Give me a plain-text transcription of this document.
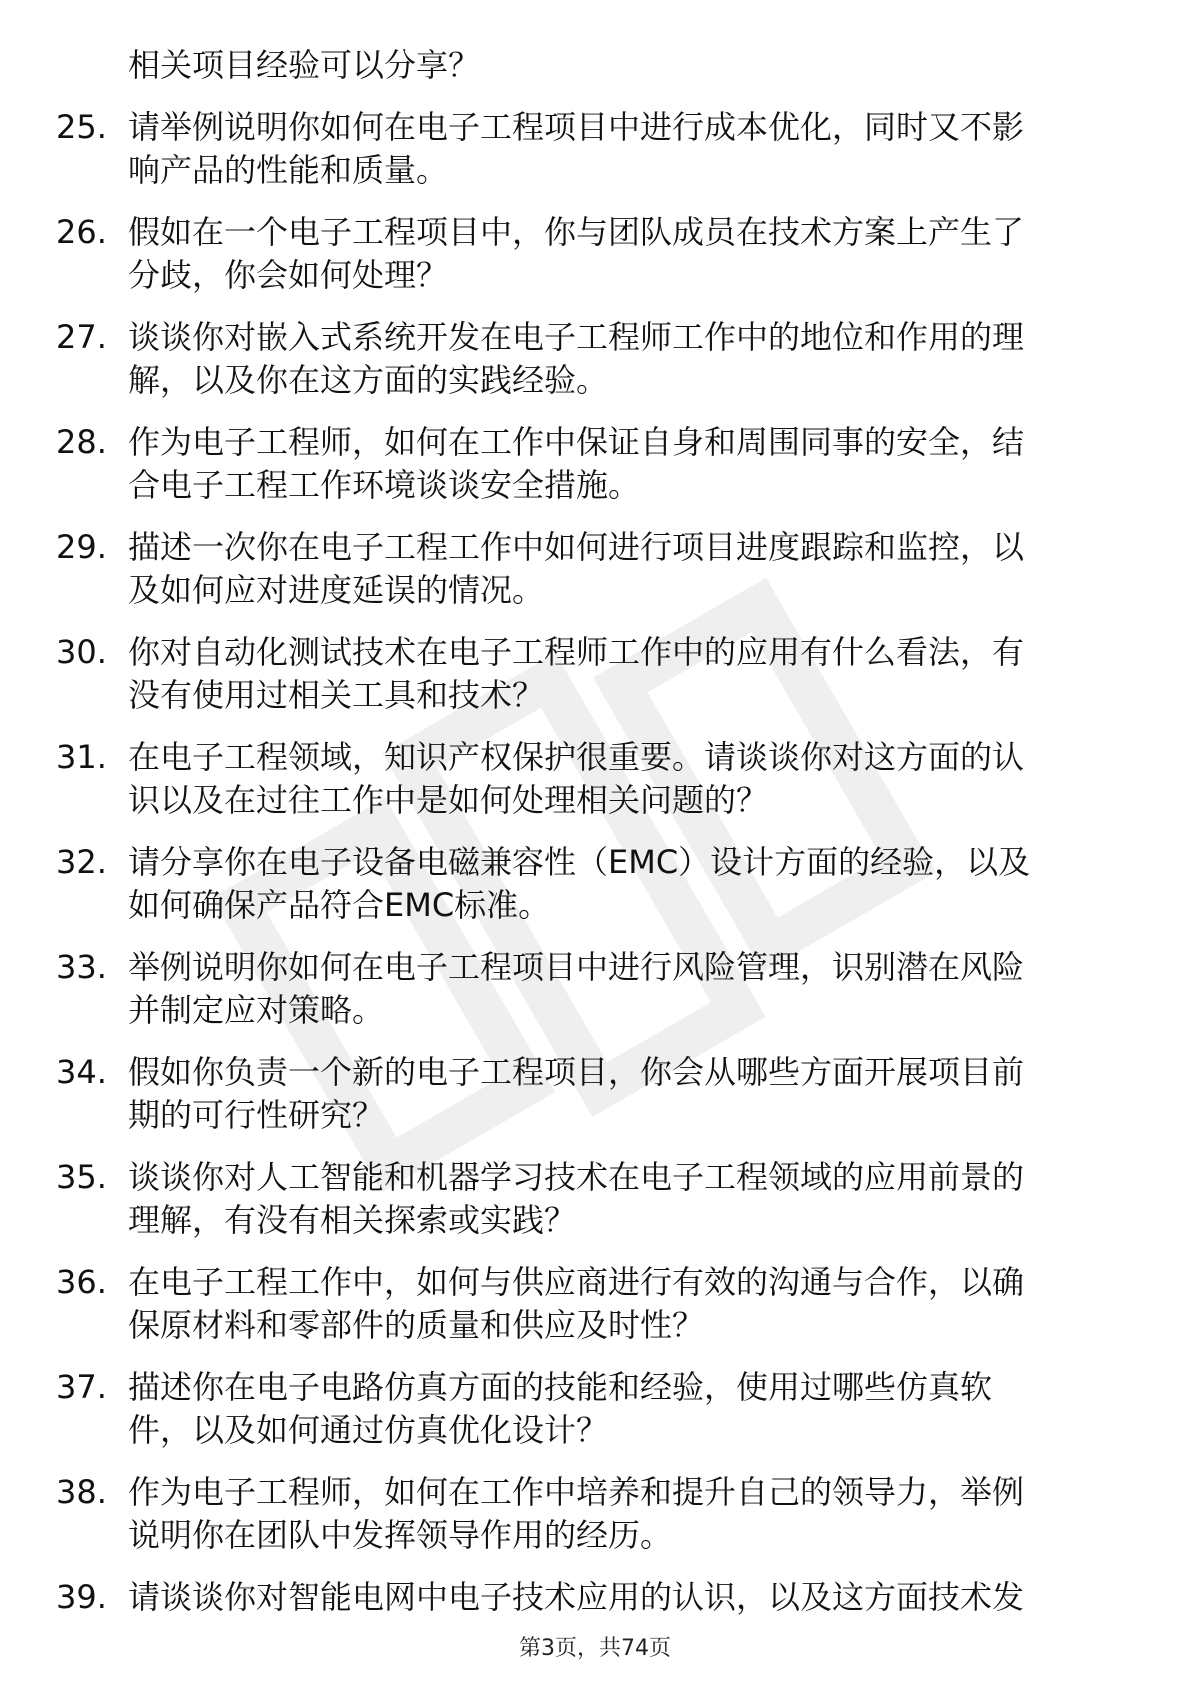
相关项目经验可以分享？
25. 请举例说明你如何在电子工程项目中进行成本优化，同时又不影
响产品的性能和质量。
26. 假如在一个电子工程项目中，你与团队成员在技术方案上产生了
分歧，你会如何处理？
27. 谈谈你对嵌入式系统开发在电子工程师工作中的地位和作用的理
解，以及你在这方面的实践经验。
28. 作为电子工程师，如何在工作中保证自身和周围同事的安全，结
合电子工程工作环境谈谈安全措施。
29. 描述一次你在电子工程工作中如何进行项目进度跟踪和监控，以
及如何应对进度延误的情况。
30. 你对自动化测试技术在电子工程师工作中的应用有什么看法，有
没有使用过相关工具和技术？
31. 在电子工程领域，知识产权保护很重要。请谈谈你对这方面的认
识以及在过往工作中是如何处理相关问题的？
32. 请分享你在电子设备电磁兼容性（EMC）设计方面的经验，以及
如何确保产品符合EMC标准。
33. 举例说明你如何在电子工程项目中进行风险管理，识别潜在风险
并制定应对策略。
34. 假如你负责一个新的电子工程项目，你会从哪些方面开展项目前
期的可行性研究？
35. 谈谈你对人工智能和机器学习技术在电子工程领域的应用前景的
理解，有没有相关探索或实践？
36. 在电子工程工作中，如何与供应商进行有效的沟通与合作，以确
保原材料和零部件的质量和供应及时性？
37. 描述你在电子电路仿真方面的技能和经验，使用过哪些仿真软
件，以及如何通过仿真优化设计？
38. 作为电子工程师，如何在工作中培养和提升自己的领导力，举例
说明你在团队中发挥领导作用的经历。
39. 请谈谈你对智能电网中电子技术应用的认识，以及这方面技术发
第3页，共74页
